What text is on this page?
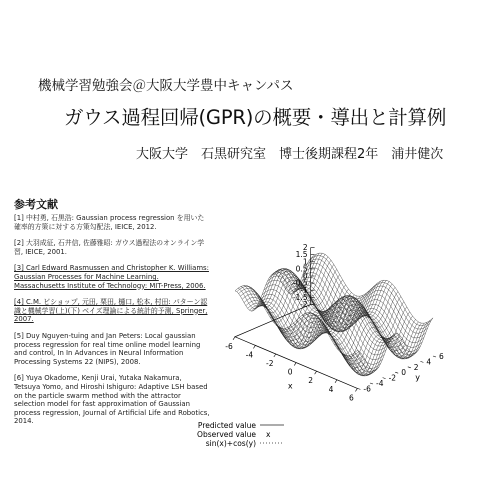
機械学習勉強会＠大阪大学豊中キャンパス
ガウス過程回帰(GPR)の概要・導出と計算例
大阪大学　石黒研究室　博士後期課程2年　浦井健次
参考文献
[1] 中村勇, 石黒浩: Gaussian process regression を用いた確率的方策に対する方策勾配法, IEICE, 2012.
[2] 大羽成征, 石井信, 佐藤雅昭: ガウス過程法のオンライン学習, IEICE, 2001.
[3] Carl Edward Rasmussen and Christopher K. Williams: Gaussian Processes for Machine Learning. Massachusetts Institute of Technology: MIT-Press, 2006.
[4] C.M. ビショップ, 元田, 栗田, 樋口, 松本, 村田: パターン認識と機械学習(上)(下) ベイズ理論による統計的予測, Springer, 2007.
[5] Duy Nguyen-tuing and Jan Peters: Local gaussian process regression for real time online model learning and control, In In Advances in Neural Information Processing Systems 22 (NIPS), 2008.
[6] Yuya Okadome, Kenji Urai, Yutaka Nakamura, Tetsuya Yomo, and Hiroshi Ishiguro: Adaptive LSH based on the particle swarm method with the attractor selection model for fast approximation of Gaussian process regression, Journal of Artificial Life and Robotics, 2014.
2
1.5
1
0.5
0
-0.5
-1
-1.5
-2
-6
-4
-2
0
2
4
6
x	-6
-4
-2
0
2
4
6
y
Predicted value
Observed value x
sin(x)+cos(y)
